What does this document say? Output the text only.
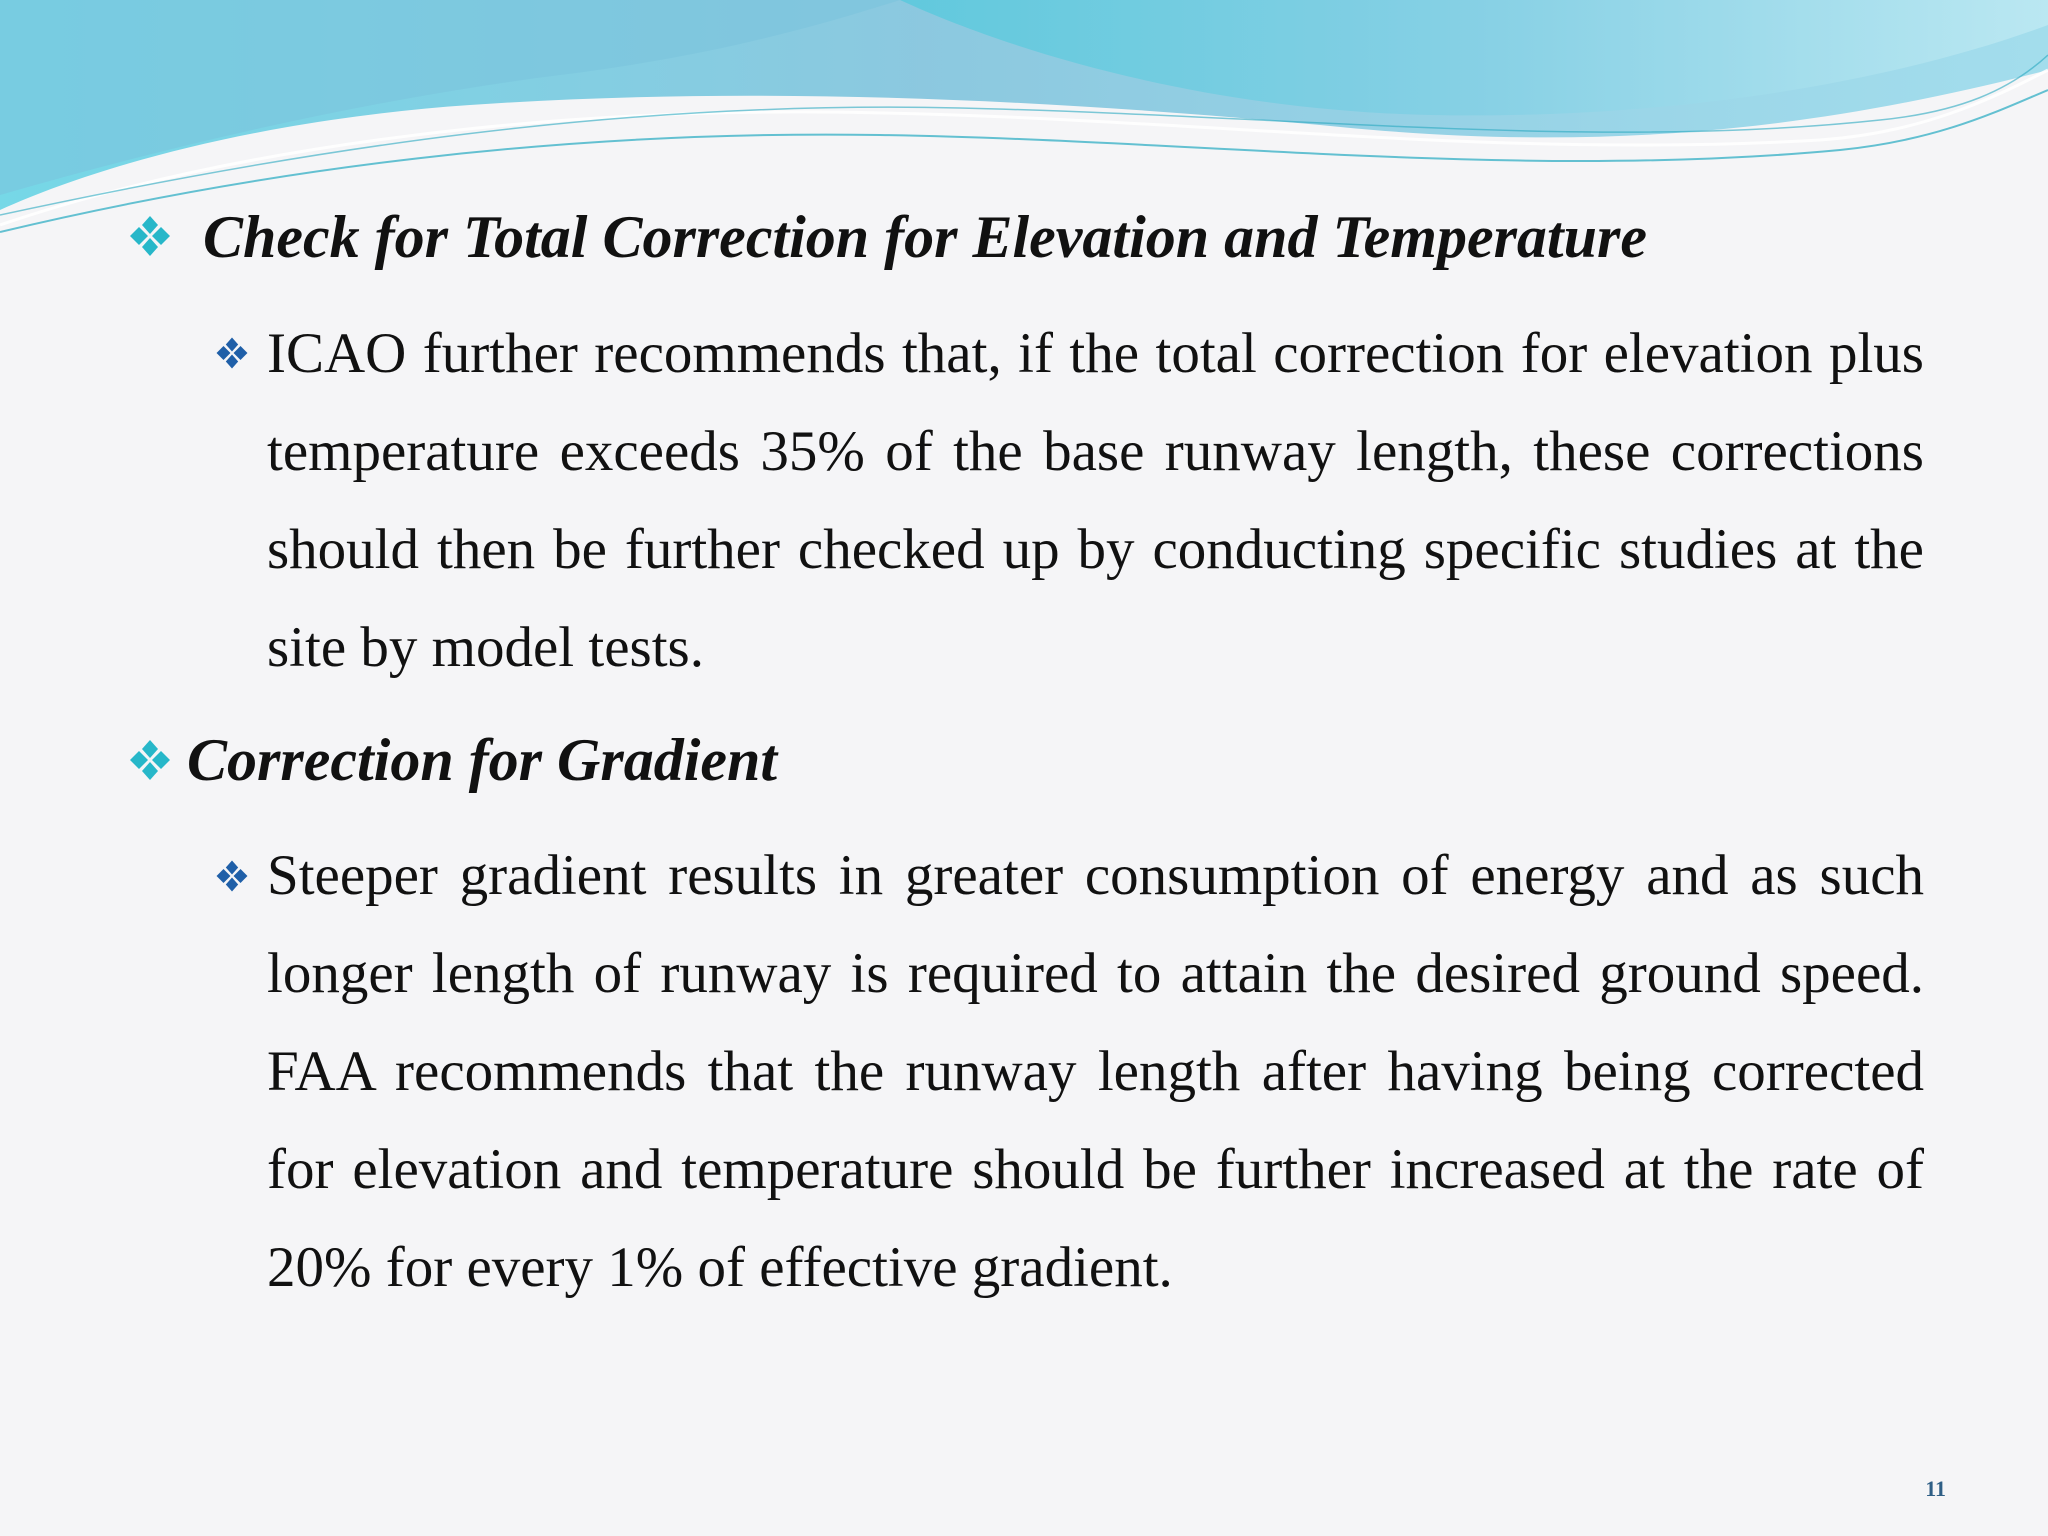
Check for Total Correction for Elevation and Temperature

ICAO further recommends that, if the total correction for elevation plus temperature exceeds 35% of the base runway length, these corrections should then be further checked up by conducting specific studies at the site by model tests.

Correction for Gradient

Steeper gradient results in greater consumption of energy and as such longer length of runway is required to attain the desired ground speed. FAA recommends that the runway length after having being corrected for elevation and temperature should be further increased at the rate of 20% for every 1% of effective gradient.

11
